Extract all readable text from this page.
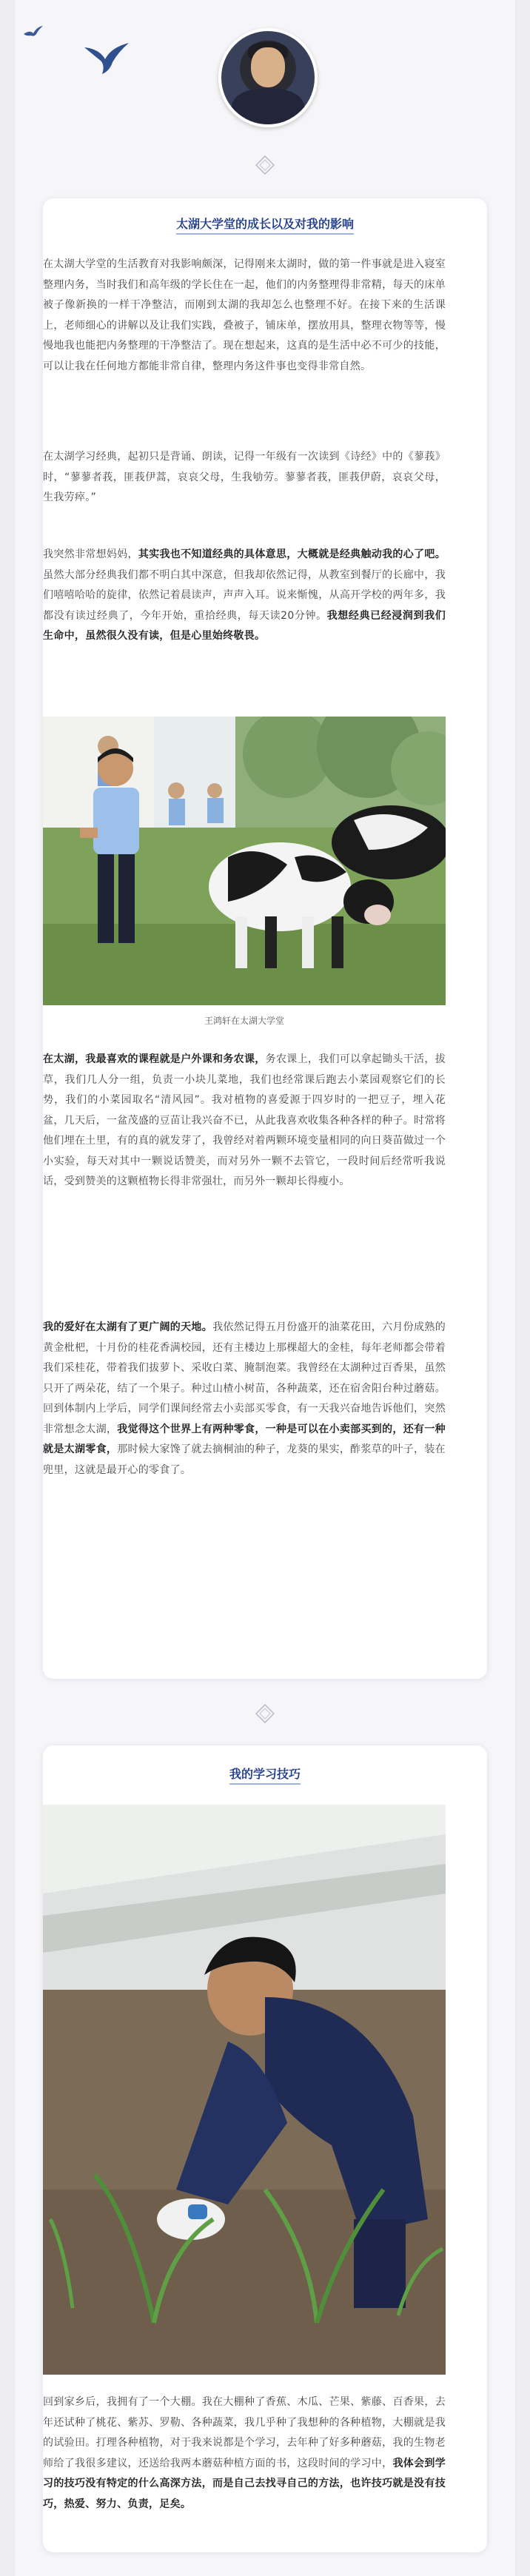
太湖大学堂的成长以及对我的影响

在太湖大学堂的生活教育对我影响颇深，记得刚来太湖时，做的第一件事就是进入寝室整理内务，当时我们和高年级的学长住在一起，他们的内务整理得非常精，每天的床单被子像新换的一样干净整洁，而刚到太湖的我却怎么也整理不好。在接下来的生活课上，老师细心的讲解以及让我们实践，叠被子，铺床单，摆放用具，整理衣物等等，慢慢地我也能把内务整理的干净整洁了。现在想起来，这真的是生活中必不可少的技能，可以让我在任何地方都能非常自律，整理内务这件事也变得非常自然。

在太湖学习经典，起初只是背诵、朗读，记得一年级有一次读到《诗经》中的《蓼莪》时，“蓼蓼者莪，匪莪伊蒿，哀哀父母，生我劬劳。蓼蓼者莪，匪莪伊蔚，哀哀父母，生我劳瘁。”

我突然非常想妈妈，其实我也不知道经典的具体意思，大概就是经典触动我的心了吧。虽然大部分经典我们都不明白其中深意，但我却依然记得，从教室到餐厅的长廊中，我们嘻嘻哈哈的旋律，依然记着晨读声，声声入耳。说来惭愧，从高开学校的两年多，我都没有读过经典了，今年开始，重拾经典，每天读20分钟。我想经典已经浸润到我们生命中，虽然很久没有读，但是心里始终敬畏。

王鸿轩在太湖大学堂

在太湖，我最喜欢的课程就是户外课和务农课，务农课上，我们可以拿起锄头干活，拔草，我们几人分一组，负责一小块儿菜地，我们也经常课后跑去小菜园观察它们的长势，我们的小菜园取名“清风园”。我对植物的喜爱源于四岁时的一把豆子，埋入花盆，几天后，一盆茂盛的豆苗让我兴奋不已，从此我喜欢收集各种各样的种子。时常将他们埋在土里，有的真的就发芽了，我曾经对着两颗环境变量相同的向日葵苗做过一个小实验，每天对其中一颗说话赞美，而对另外一颗不去管它，一段时间后经常听我说话，受到赞美的这颗植物长得非常强壮，而另外一颗却长得瘦小。

我的爱好在太湖有了更广阔的天地。我依然记得五月份盛开的油菜花田，六月份成熟的黄金枇杷，十月份的桂花香满校园，还有主楼边上那棵超大的金桂，每年老师都会带着我们采桂花，带着我们拔萝卜、采收白菜、腌制泡菜。我曾经在太湖种过百香果，虽然只开了两朵花，结了一个果子。种过山楂小树苗，各种蔬菜，还在宿舍阳台种过蘑菇。回到体制内上学后，同学们课间经常去小卖部买零食，有一天我兴奋地告诉他们，突然非常想念太湖，我觉得这个世界上有两种零食，一种是可以在小卖部买到的，还有一种就是太湖零食，那时候大家馋了就去摘桐油的种子，龙葵的果实，酢浆草的叶子，装在兜里，这就是最开心的零食了。

我的学习技巧

回到家乡后，我拥有了一个大棚。我在大棚种了香蕉、木瓜、芒果、紫藤、百香果，去年还试种了桃花、紫苏、罗勒、各种蔬菜，我几乎种了我想种的各种植物，大棚就是我的试验田。打理各种植物，对于我来说都是个学习，去年种了好多种蘑菇，我的生物老师给了我很多建议，还送给我两本蘑菇种植方面的书，这段时间的学习中，我体会到学习的技巧没有特定的什么高深方法，而是自己去找寻自己的方法，也许技巧就是没有技巧，热爱、努力、负责，足矣。
